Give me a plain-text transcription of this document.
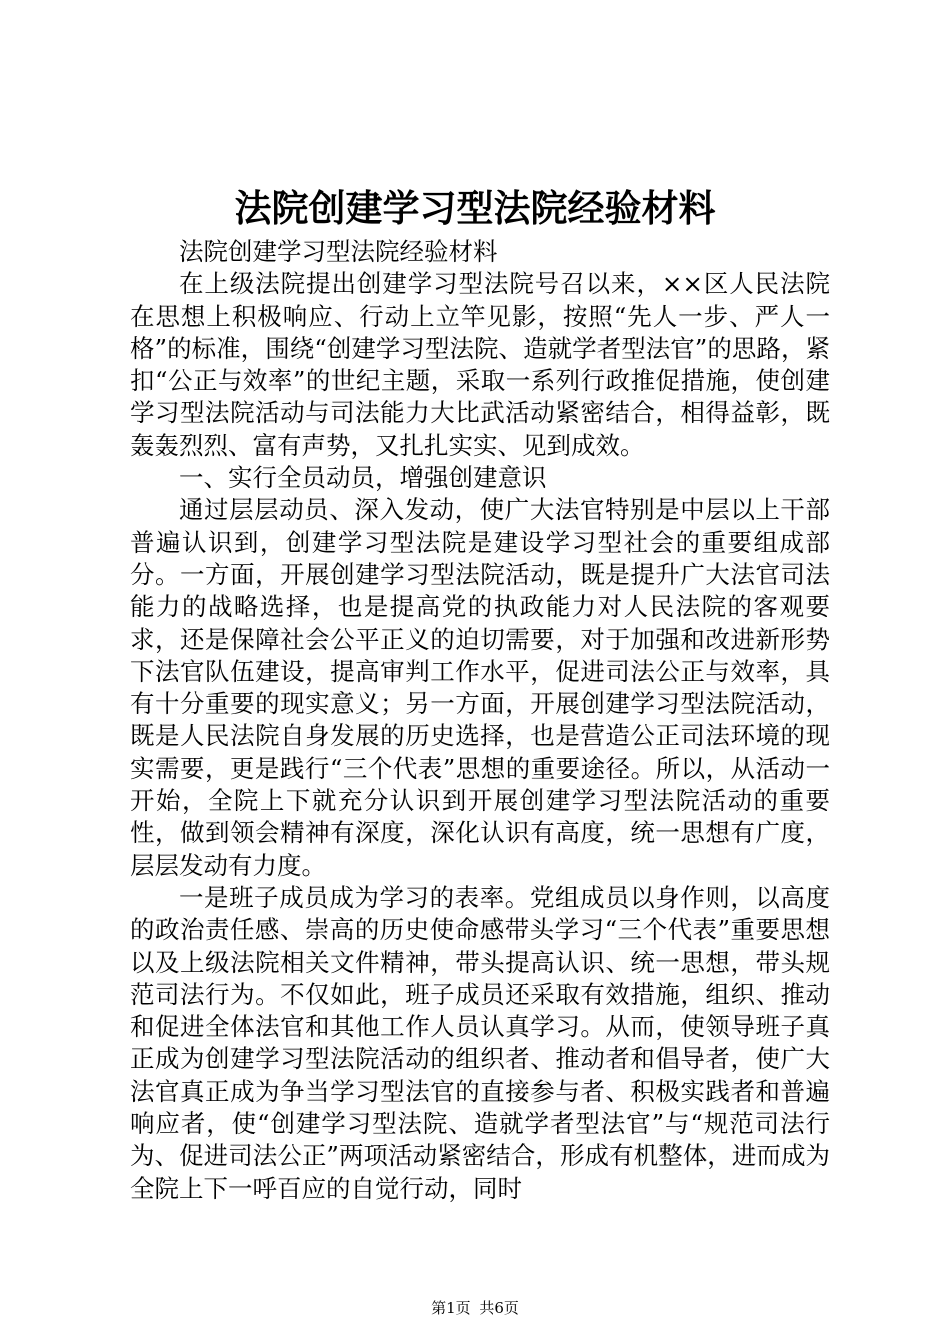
法院创建学习型法院经验材料

法院创建学习型法院经验材料

在上级法院提出创建学习型法院号召以来，××区人民法院在思想上积极响应、行动上立竿见影，按照“先人一步、严人一格”的标准，围绕“创建学习型法院、造就学者型法官”的思路，紧扣“公正与效率”的世纪主题，采取一系列行政推促措施，使创建学习型法院活动与司法能力大比武活动紧密结合，相得益彰，既轰轰烈烈、富有声势，又扎扎实实、见到成效。

一、实行全员动员，增强创建意识

通过层层动员、深入发动，使广大法官特别是中层以上干部普遍认识到，创建学习型法院是建设学习型社会的重要组成部分。一方面，开展创建学习型法院活动，既是提升广大法官司法能力的战略选择，也是提高党的执政能力对人民法院的客观要求，还是保障社会公平正义的迫切需要，对于加强和改进新形势下法官队伍建设，提高审判工作水平，促进司法公正与效率，具有十分重要的现实意义；另一方面，开展创建学习型法院活动，既是人民法院自身发展的历史选择，也是营造公正司法环境的现实需要，更是践行“三个代表”思想的重要途径。所以，从活动一开始，全院上下就充分认识到开展创建学习型法院活动的重要性，做到领会精神有深度，深化认识有高度，统一思想有广度，层层发动有力度。

一是班子成员成为学习的表率。党组成员以身作则，以高度的政治责任感、崇高的历史使命感带头学习“三个代表”重要思想以及上级法院相关文件精神，带头提高认识、统一思想，带头规范司法行为。不仅如此，班子成员还采取有效措施，组织、推动和促进全体法官和其他工作人员认真学习。从而，使领导班子真正成为创建学习型法院活动的组织者、推动者和倡导者，使广大法官真正成为争当学习型法官的直接参与者、积极实践者和普遍响应者，使“创建学习型法院、造就学者型法官”与“规范司法行为、促进司法公正”两项活动紧密结合，形成有机整体，进而成为全院上下一呼百应的自觉行动，同时

第1页 共6页
